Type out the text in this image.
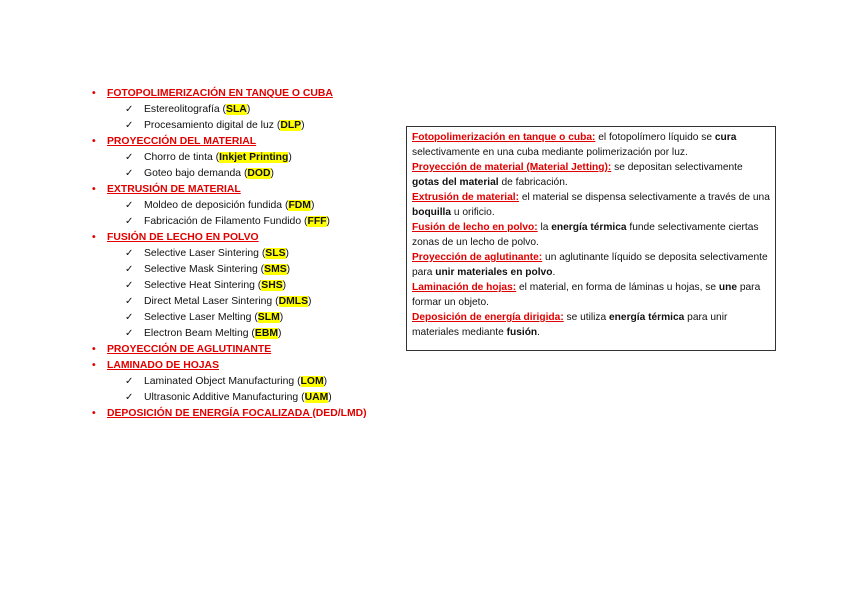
• FOTOPOLIMERIZACIÓN EN TANQUE O CUBA
✓ Estereolitografía (SLA)
✓ Procesamiento digital de luz (DLP)
• PROYECCIÓN DEL MATERIAL
✓ Chorro de tinta (Inkjet Printing)
✓ Goteo bajo demanda (DOD)
• EXTRUSIÓN DE MATERIAL
✓ Moldeo de deposición fundida (FDM)
✓ Fabricación de Filamento Fundido (FFF)
• FUSIÓN DE LECHO EN POLVO
✓ Selective Laser Sintering (SLS)
✓ Selective Mask Sintering (SMS)
✓ Selective Heat Sintering (SHS)
✓ Direct Metal Laser Sintering (DMLS)
✓ Selective Laser Melting (SLM)
✓ Electron Beam Melting (EBM)
• PROYECCIÓN DE AGLUTINANTE
• LAMINADO DE HOJAS
✓ Laminated Object Manufacturing (LOM)
✓ Ultrasonic Additive Manufacturing (UAM)
• DEPOSICIÓN DE ENERGÍA FOCALIZADA (DED/LMD)

Fotopolimerización en tanque o cuba: el fotopolímero líquido se cura selectivamente en una cuba mediante polimerización por luz.

Proyección de material (Material Jetting): se depositan selectivamente gotas del material de fabricación.

Extrusión de material: el material se dispensa selectivamente a través de una boquilla u orificio.

Fusión de lecho en polvo: la energía térmica funde selectivamente ciertas zonas de un lecho de polvo.

Proyección de aglutinante: un aglutinante líquido se deposita selectivamente para unir materiales en polvo.

Laminación de hojas: el material, en forma de láminas u hojas, se une para formar un objeto.

Deposición de energía dirigida: se utiliza energía térmica para unir materiales mediante fusión.
